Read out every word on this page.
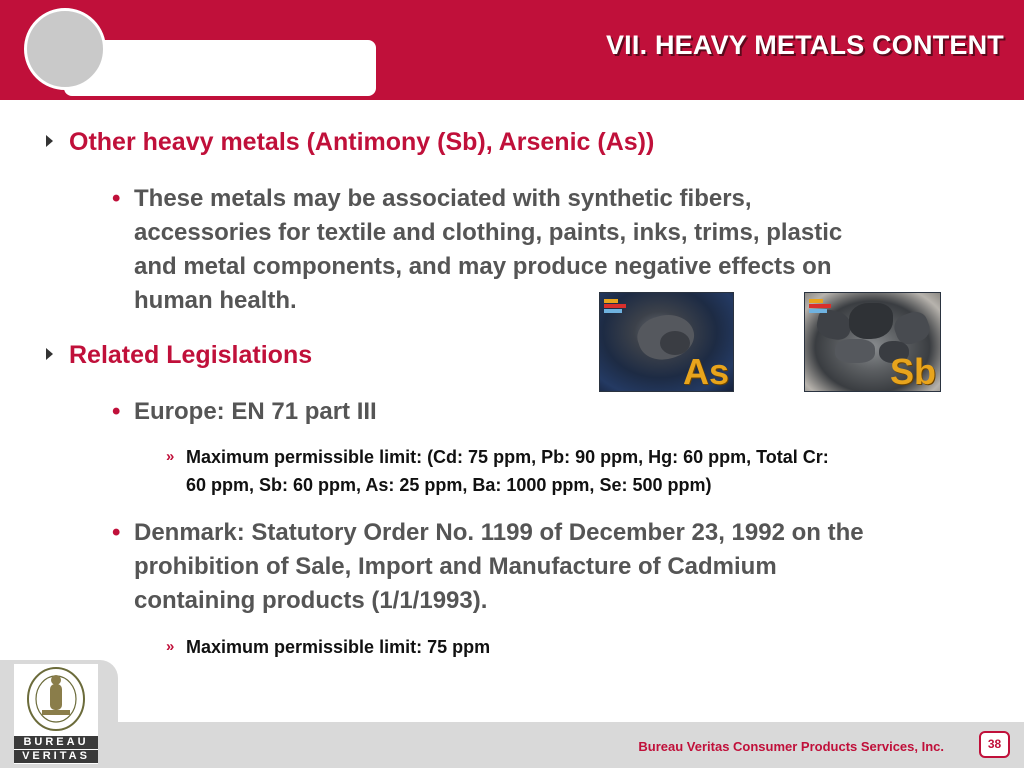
VII. HEAVY METALS CONTENT
Other heavy metals (Antimony (Sb), Arsenic (As))
• These metals may be associated with synthetic fibers,
accessories for textile and clothing, paints, inks, trims, plastic
and metal components, and may produce negative effects on
human health.
Related Legislations
• Europe: EN 71 part III
» Maximum permissible limit: (Cd: 75 ppm, Pb: 90 ppm, Hg: 60 ppm, Total Cr:
60 ppm, Sb: 60 ppm, As: 25 ppm, Ba: 1000 ppm, Se: 500 ppm)
• Denmark: Statutory Order No. 1199 of December 23, 1992 on the
prohibition of Sale, Import and Manufacture of Cadmium
containing products (1/1/1993).
» Maximum permissible limit: 75 ppm
As	Sb
BUREAU
VERITAS
Bureau Veritas Consumer Products Services, Inc.	38
